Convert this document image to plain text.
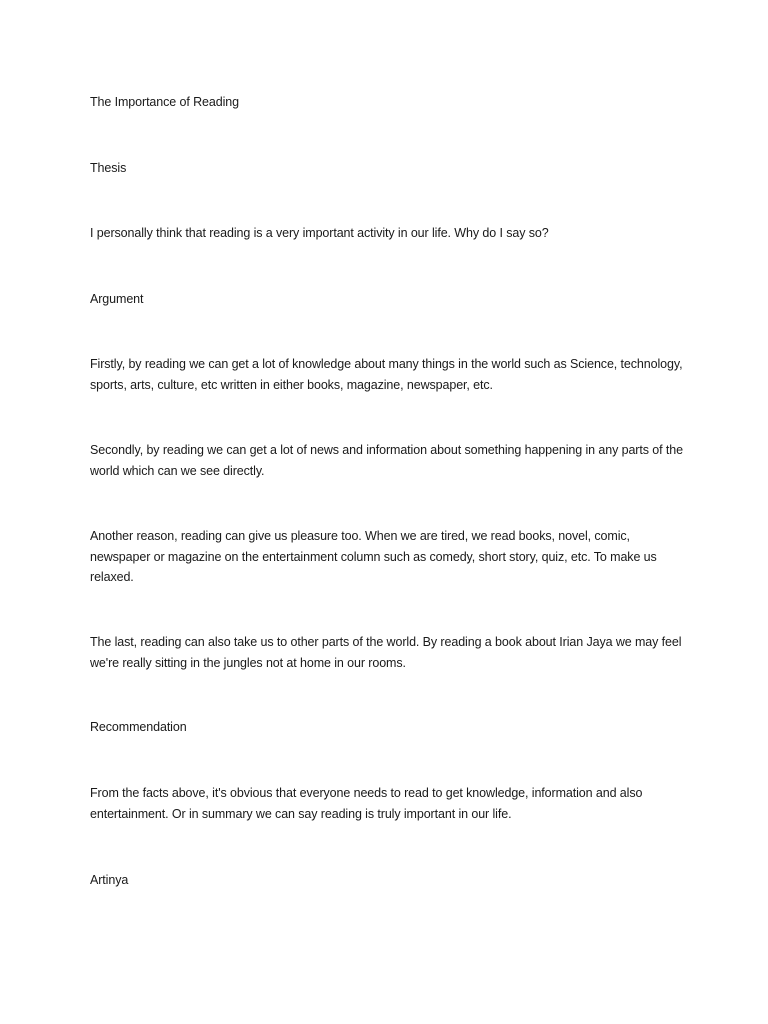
The Importance of Reading

Thesis

I personally think that reading is a very important activity in our life. Why do I say so?

Argument

Firstly, by reading we can get a lot of knowledge about many things in the world such as Science, technology, sports, arts, culture, etc written in either books, magazine, newspaper, etc.

Secondly, by reading we can get a lot of news and information about something happening in any parts of the world which can we see directly.

Another reason, reading can give us pleasure too. When we are tired, we read books, novel, comic, newspaper or magazine on the entertainment column such as comedy, short story, quiz, etc. To make us relaxed.

The last, reading can also take us to other parts of the world. By reading a book about Irian Jaya we may feel we're really sitting in the jungles not at home in our rooms.

Recommendation

From the facts above, it's obvious that everyone needs to read to get knowledge, information and also entertainment. Or in summary we can say reading is truly important in our life.

Artinya
